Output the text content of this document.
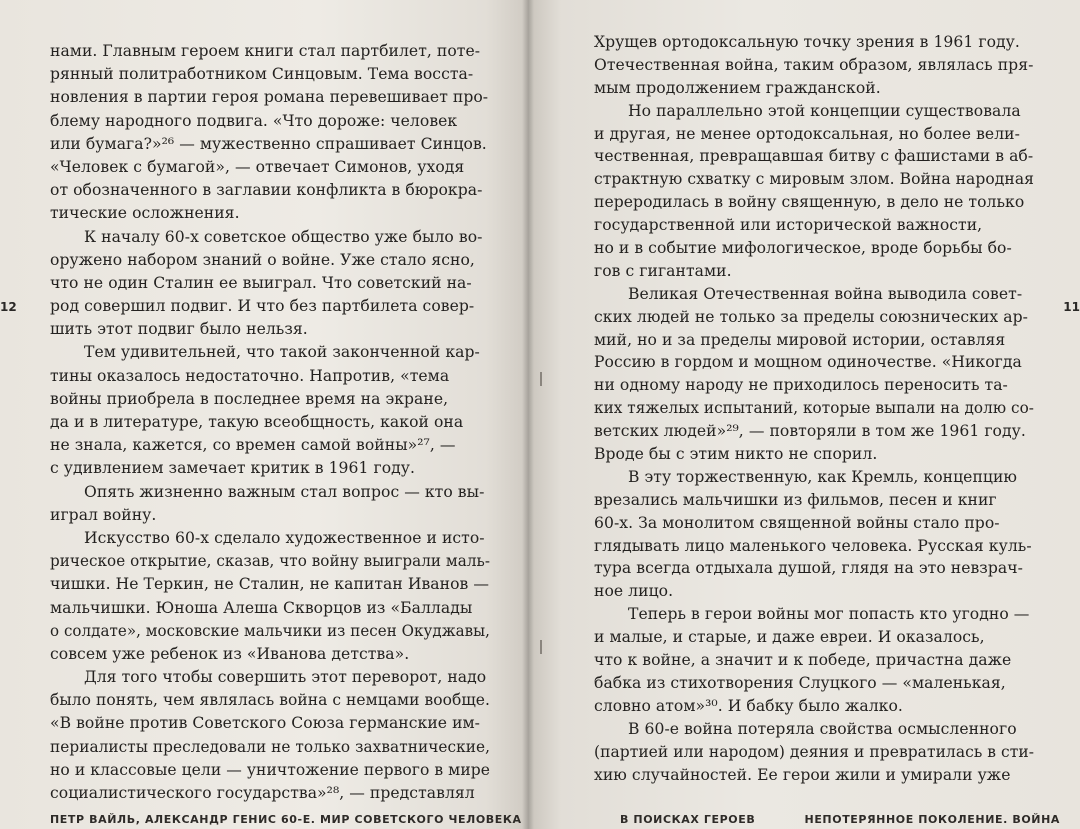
нами. Главным героем книги стал партбилет, поте-
рянный политработником Синцовым. Тема восста-
новления в партии героя романа перевешивает про-
блему народного подвига. «Что дороже: человек
или бумага?»²⁶ — мужественно спрашивает Синцов.
«Человек с бумагой», — отвечает Симонов, уходя
от обозначенного в заглавии конфликта в бюрокра-
тические осложнения.
К началу 60-х советское общество уже было во-
оружено набором знаний о войне. Уже стало ясно,
что не один Сталин ее выиграл. Что советский на-
род совершил подвиг. И что без партбилета совер-
шить этот подвиг было нельзя.
Тем удивительней, что такой законченной кар-
тины оказалось недостаточно. Напротив, «тема
войны приобрела в последнее время на экране,
да и в литературе, такую всеобщность, какой она
не знала, кажется, со времен самой войны»²⁷, —
с удивлением замечает критик в 1961 году.
Опять жизненно важным стал вопрос — кто вы-
играл войну.
Искусство 60-х сделало художественное и исто-
рическое открытие, сказав, что войну выиграли маль-
чишки. Не Теркин, не Сталин, не капитан Иванов —
мальчишки. Юноша Алеша Скворцов из «Баллады
о солдате», московские мальчики из песен Окуджавы,
совсем уже ребенок из «Иванова детства».
Для того чтобы совершить этот переворот, надо
было понять, чем являлась война с немцами вообще.
«В войне против Советского Союза германские им-
периалисты преследовали не только захватнические,
но и классовые цели — уничтожение первого в мире
социалистического государства»²⁸, — представлял
ПЕТР ВАЙЛЬ, АЛЕКСАНДР ГЕНИС 60-Е. МИР СОВЕТСКОГО ЧЕЛОВЕКА
Хрущев ортодоксальную точку зрения в 1961 году.
Отечественная война, таким образом, являлась пря-
мым продолжением гражданской.
Но параллельно этой концепции существовала
и другая, не менее ортодоксальная, но более вели-
чественная, превращавшая битву с фашистами в аб-
страктную схватку с мировым злом. Война народная
переродилась в войну священную, в дело не только
государственной или исторической важности,
но и в событие мифологическое, вроде борьбы бо-
гов с гигантами.
Великая Отечественная война выводила совет-
ских людей не только за пределы союзнических ар-
мий, но и за пределы мировой истории, оставляя
Россию в гордом и мощном одиночестве. «Никогда
ни одному народу не приходилось переносить та-
ких тяжелых испытаний, которые выпали на долю со-
ветских людей»²⁹, — повторяли в том же 1961 году.
Вроде бы с этим никто не спорил.
В эту торжественную, как Кремль, концепцию
врезались мальчишки из фильмов, песен и книг
60-х. За монолитом священной войны стало про-
глядывать лицо маленького человека. Русская куль-
тура всегда отдыхала душой, глядя на это невзрач-
ное лицо.
Теперь в герои войны мог попасть кто угодно —
и малые, и старые, и даже евреи. И оказалось,
что к войне, а значит и к победе, причастна даже
бабка из стихотворения Слуцкого — «маленькая,
словно атом»³⁰. И бабку было жалко.
В 60-е война потеряла свойства осмысленного
(партией или народом) деяния и превратилась в сти-
хию случайностей. Ее герои жили и умирали уже
В ПОИСКАХ ГЕРОЕВ	НЕПОТЕРЯННОЕ ПОКОЛЕНИЕ. ВОЙНА
12	11
